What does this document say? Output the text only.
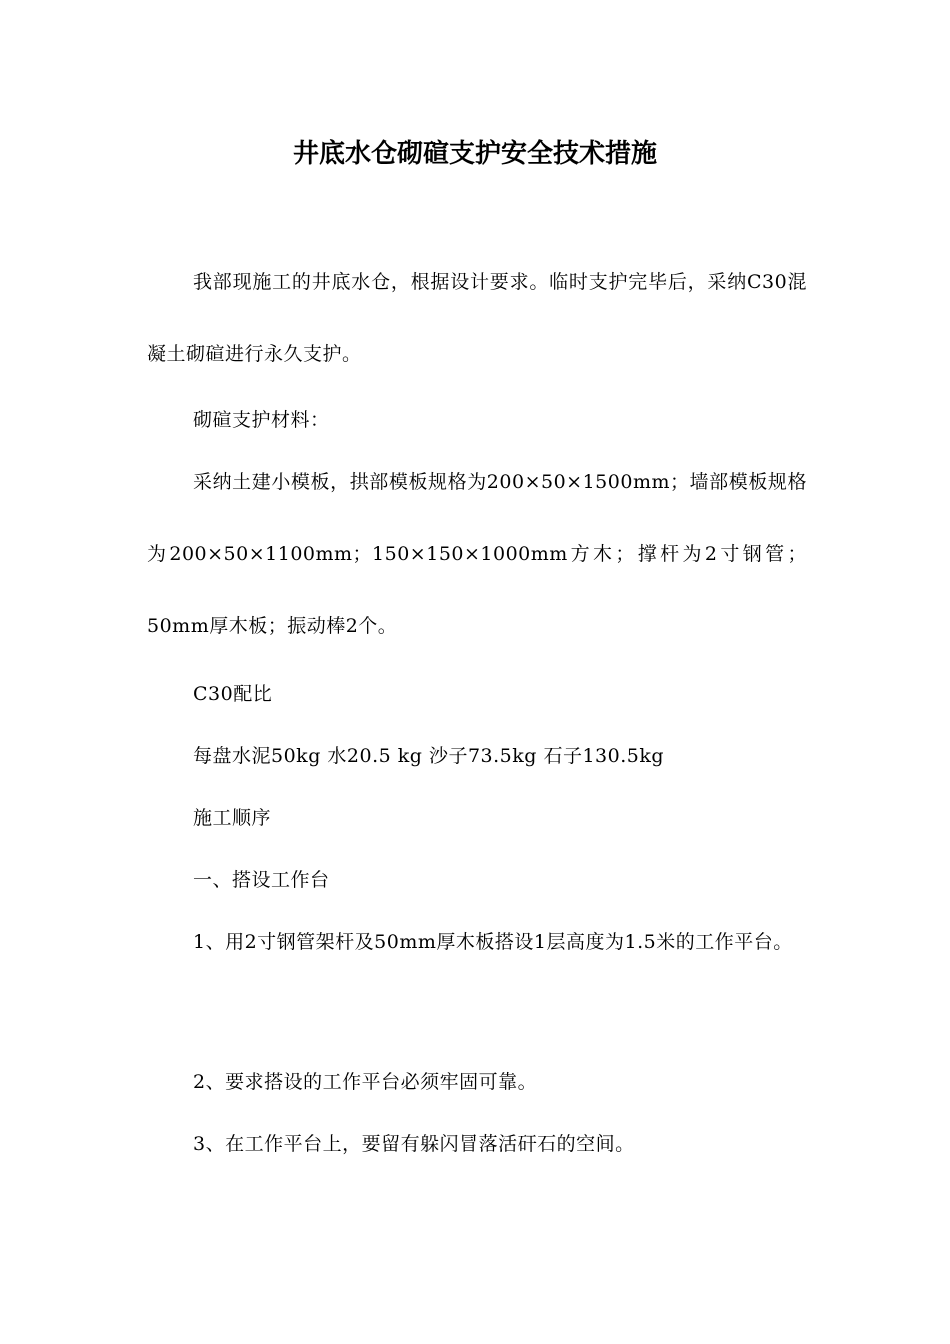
井底水仓砌碹支护安全技术措施

我部现施工的井底水仓，根据设计要求。临时支护完毕后，采纳C30混凝土砌碹进行永久支护。

砌碹支护材料：

采纳土建小模板，拱部模板规格为200×50×1500mm；墙部模板规格为200×50×1100mm；150×150×1000mm方木；撑杆为2寸钢管；50mm厚木板；振动棒2个。

C30配比

每盘水泥50kg 水20.5 kg 沙子73.5kg 石子130.5kg

施工顺序

一、搭设工作台

1、用2寸钢管架杆及50mm厚木板搭设1层高度为1.5米的工作平台。

2、要求搭设的工作平台必须牢固可靠。

3、在工作平台上，要留有躲闪冒落活矸石的空间。
